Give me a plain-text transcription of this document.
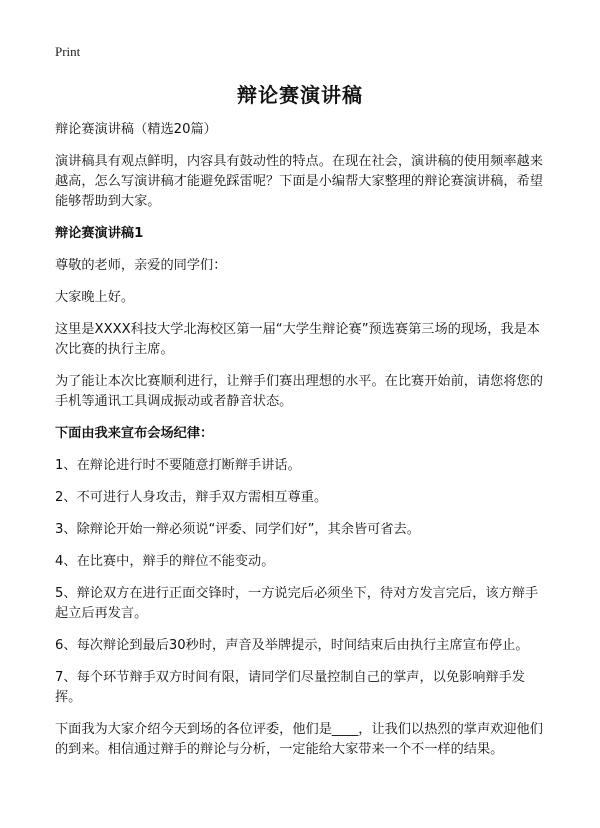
Print
辩论赛演讲稿

辩论赛演讲稿（精选20篇）

演讲稿具有观点鲜明，内容具有鼓动性的特点。在现在社会，演讲稿的使用频率越来越高，怎么写演讲稿才能避免踩雷呢？下面是小编帮大家整理的辩论赛演讲稿，希望能够帮助到大家。

辩论赛演讲稿1

尊敬的老师，亲爱的同学们：

大家晚上好。

这里是XXXX科技大学北海校区第一届“大学生辩论赛”预选赛第三场的现场，我是本次比赛的执行主席。

为了能让本次比赛顺利进行，让辩手们赛出理想的水平。在比赛开始前，请您将您的手机等通讯工具调成振动或者静音状态。

下面由我来宣布会场纪律：

1、在辩论进行时不要随意打断辩手讲话。

2、不可进行人身攻击，辩手双方需相互尊重。

3、除辩论开始一辩必须说“评委、同学们好”，其余皆可省去。

4、在比赛中，辩手的辩位不能变动。

5、辩论双方在进行正面交锋时，一方说完后必须坐下，待对方发言完后，该方辩手起立后再发言。

6、每次辩论到最后30秒时，声音及举牌提示，时间结束后由执行主席宣布停止。

7、每个环节辩手双方时间有限，请同学们尽量控制自己的掌声，以免影响辩手发挥。

下面我为大家介绍今天到场的各位评委，他们是____，让我们以热烈的掌声欢迎他们的到来。相信通过辩手的辩论与分析，一定能给大家带来一个不一样的结果。
